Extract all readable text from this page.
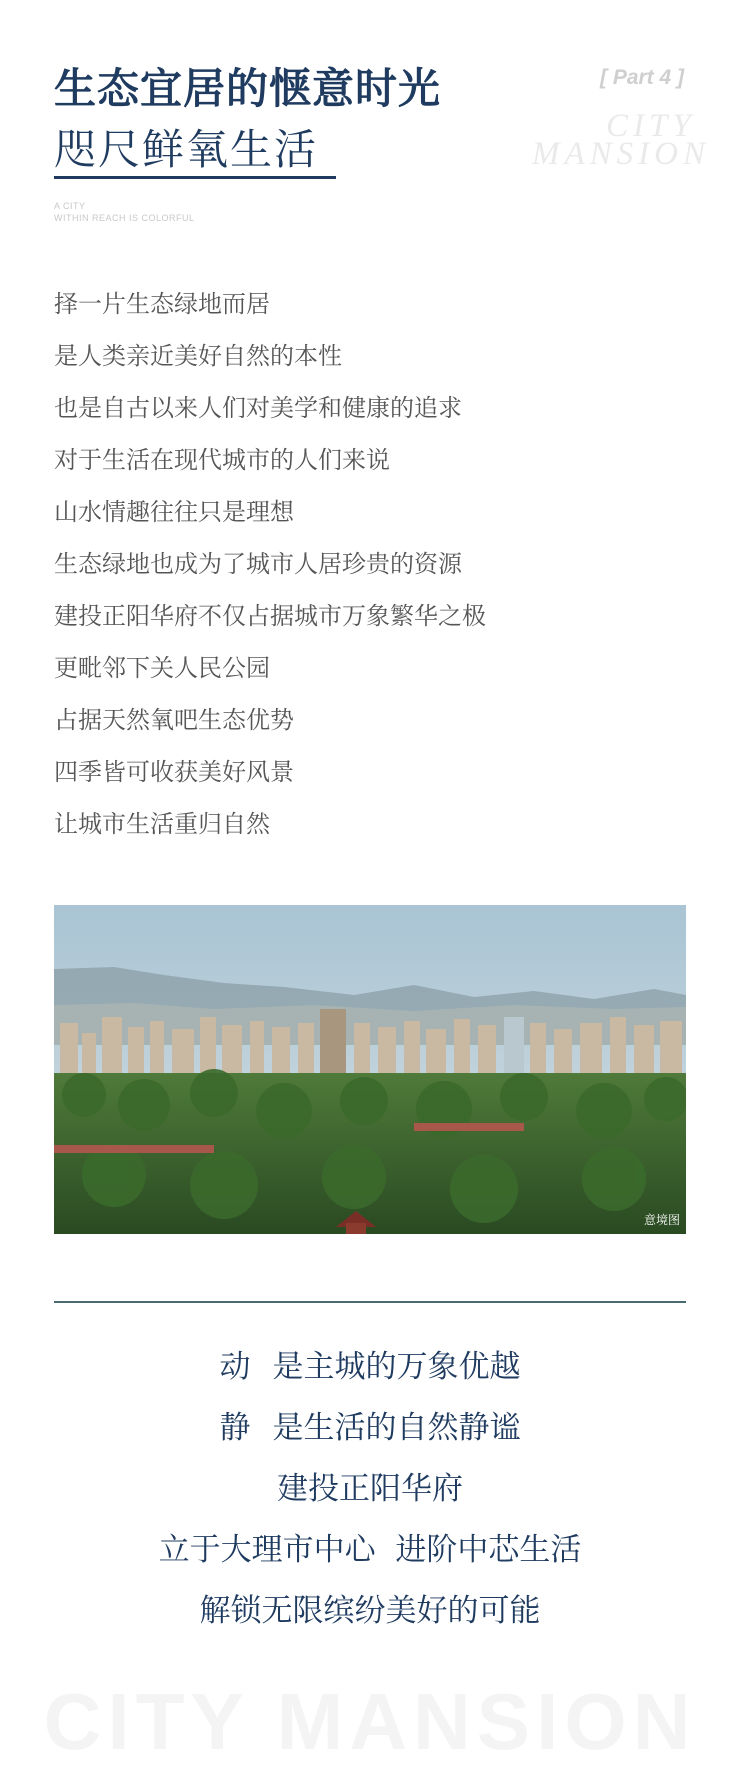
生态宜居的惬意时光
咫尺鲜氧生活
A CITY
WITHIN REACH IS COLORFUL
[ Part 4 ]
CITY
MANSION
择一片生态绿地而居
是人类亲近美好自然的本性
也是自古以来人们对美学和健康的追求
对于生活在现代城市的人们来说
山水情趣往往只是理想
生态绿地也成为了城市人居珍贵的资源
建投正阳华府不仅占据城市万象繁华之极
更毗邻下关人民公园
占据天然氧吧生态优势
四季皆可收获美好风景
让城市生活重归自然
意境图
动 是主城的万象优越
静 是生活的自然静谧
建投正阳华府
立于大理市中心  进阶中芯生活
解锁无限缤纷美好的可能
CITY MANSION
